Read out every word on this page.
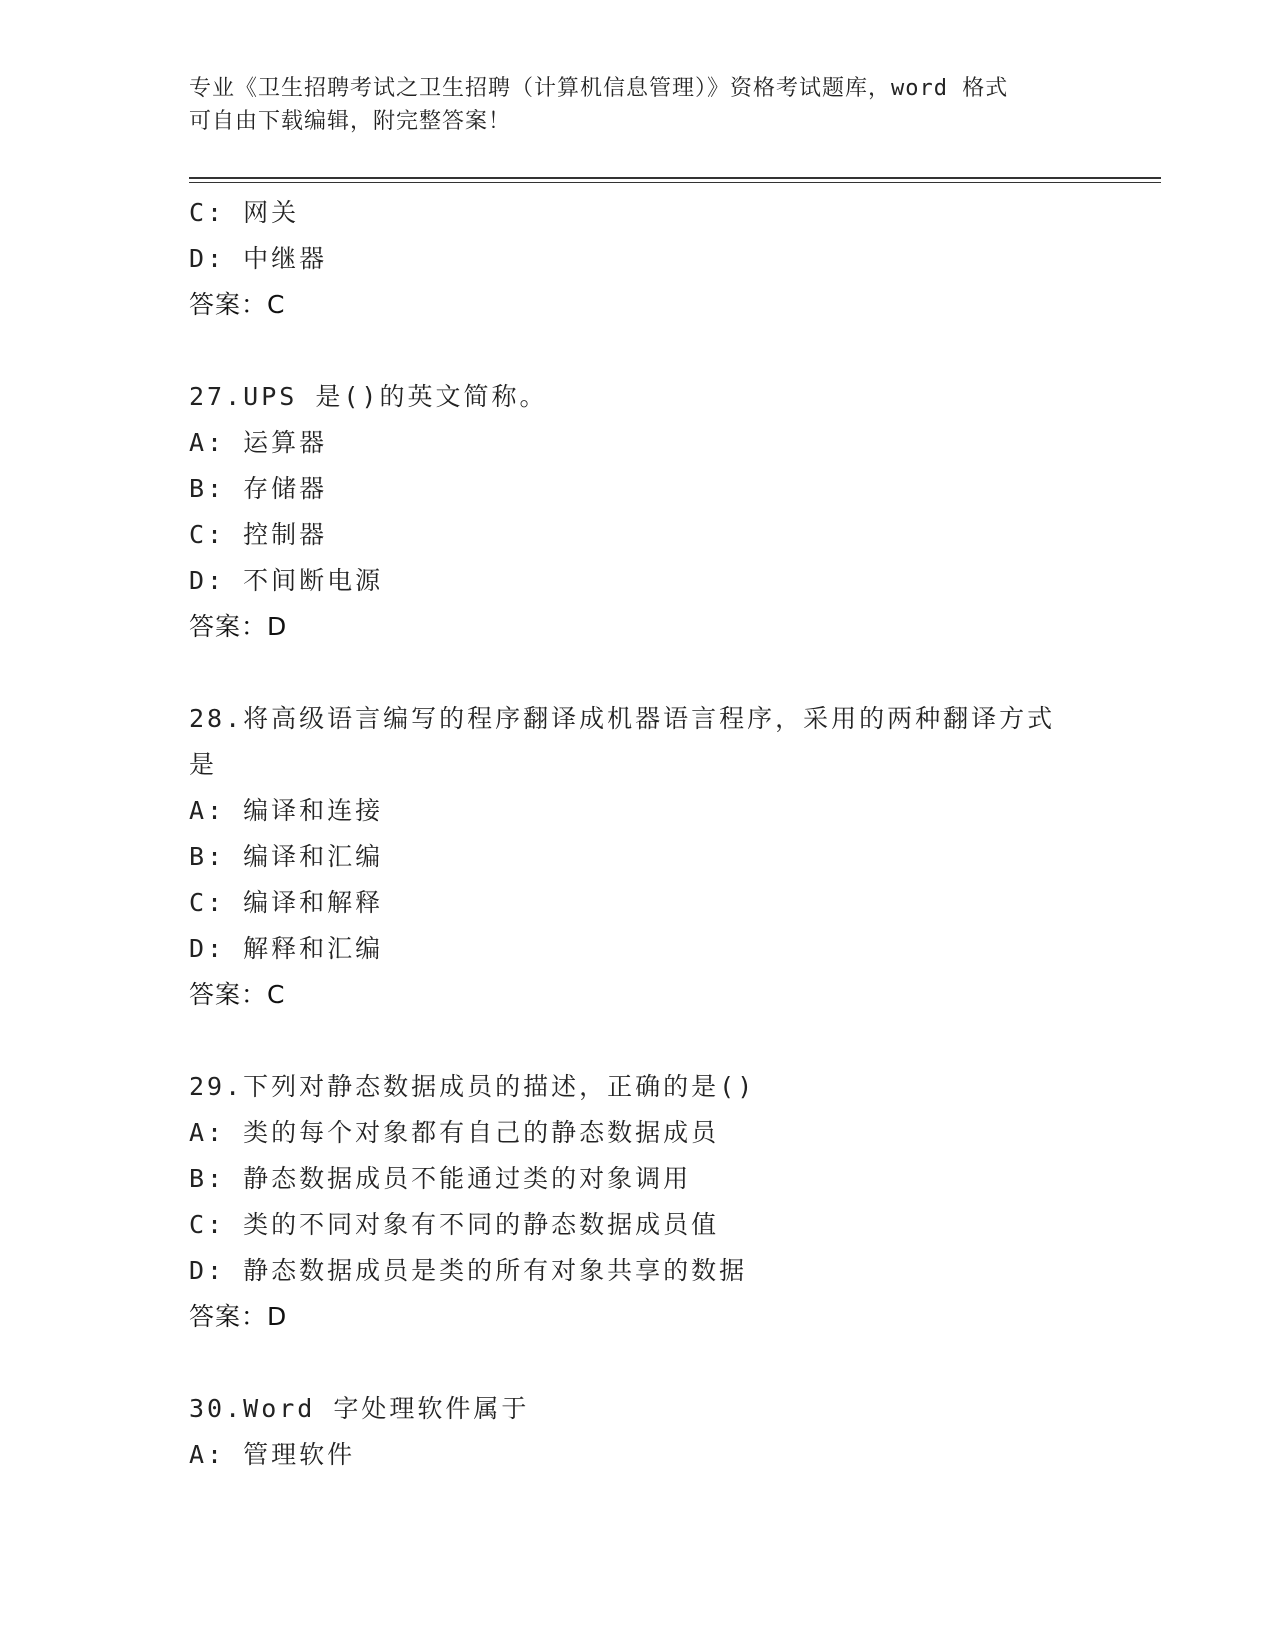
专业《卫生招聘考试之卫生招聘（计算机信息管理）》资格考试题库，word 格式
可自由下载编辑，附完整答案！
C: 网关
D: 中继器
答案：C
27.UPS 是()的英文简称。
A: 运算器
B: 存储器
C: 控制器
D: 不间断电源
答案：D
28.将高级语言编写的程序翻译成机器语言程序，采用的两种翻译方式
是
A: 编译和连接
B: 编译和汇编
C: 编译和解释
D: 解释和汇编
答案：C
29.下列对静态数据成员的描述，正确的是()
A: 类的每个对象都有自己的静态数据成员
B: 静态数据成员不能通过类的对象调用
C: 类的不同对象有不同的静态数据成员值
D: 静态数据成员是类的所有对象共享的数据
答案：D
30.Word 字处理软件属于
A: 管理软件
